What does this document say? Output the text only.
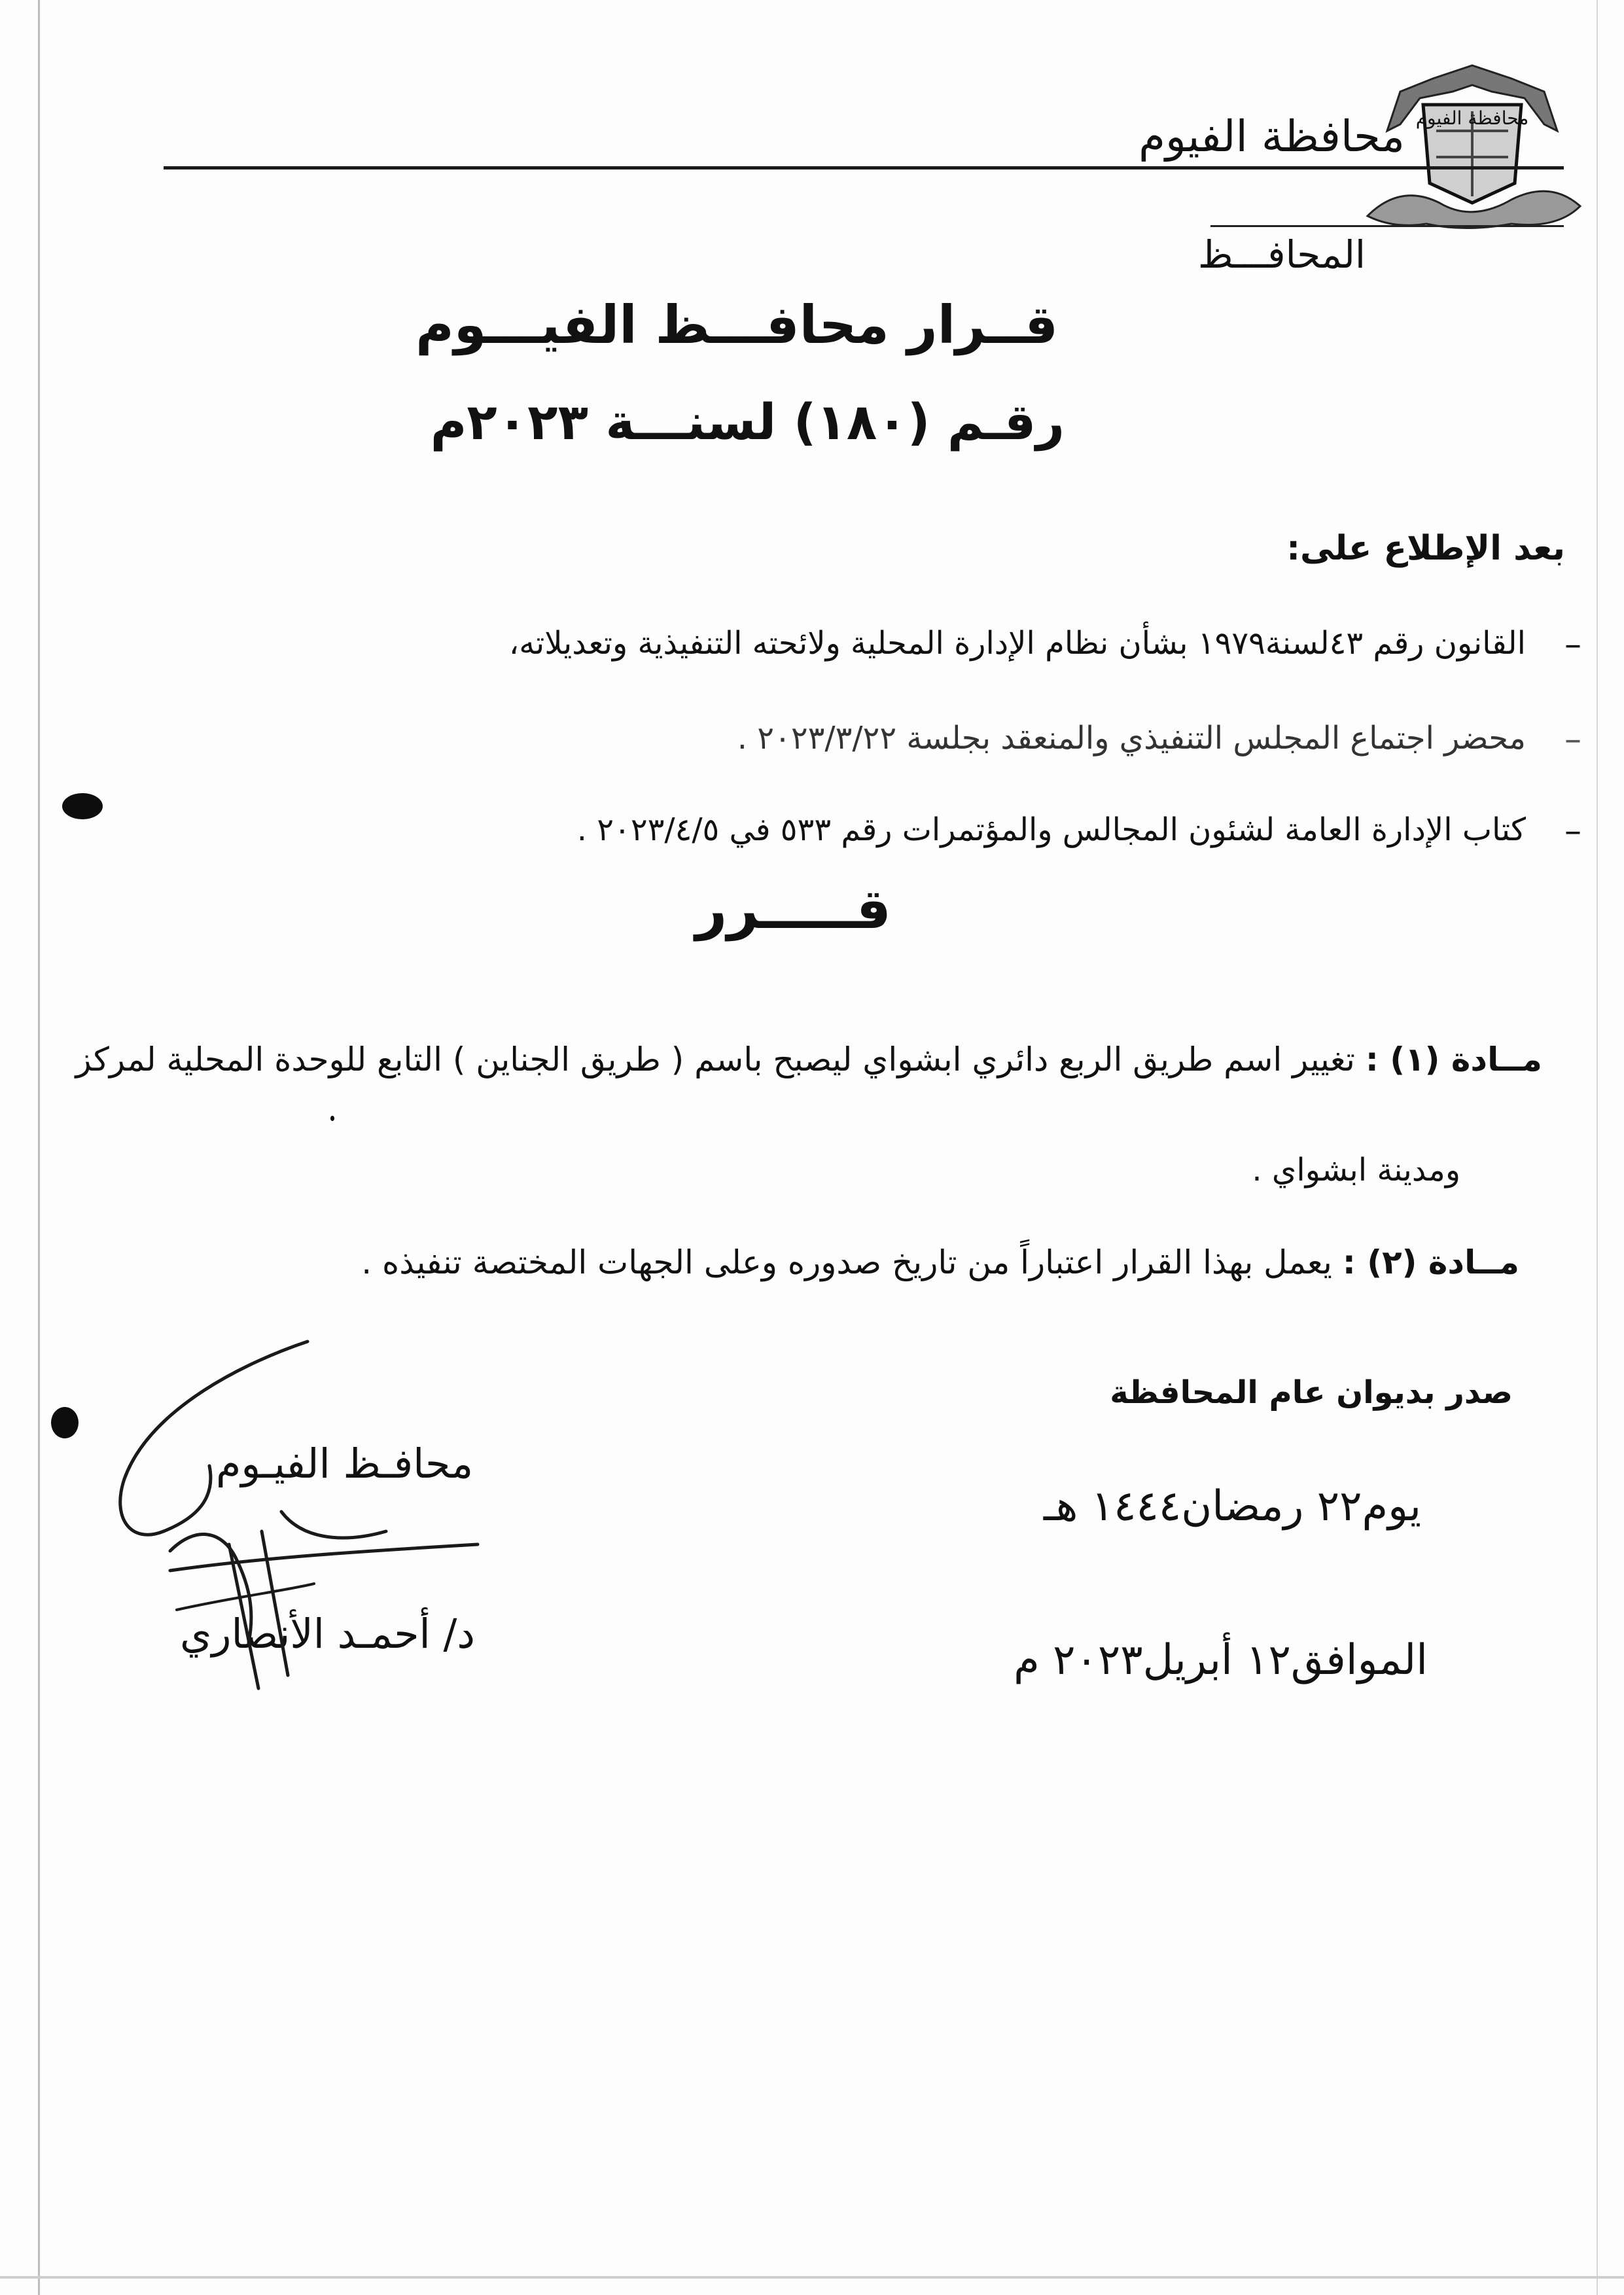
محافظة الفيوم
محافظة الفيوم
المحافـــظ
قــرار محافـــظ الفيـــوم
رقـم (١٨٠) لسنـــة ٢٠٢٣م
بعد الإطلاع على:
–
القانون رقم ٤٣لسنة١٩٧٩ بشأن نظام الإدارة المحلية ولائحته التنفيذية وتعديلاته،
–
محضر اجتماع المجلس التنفيذي والمنعقد بجلسة ٢٠٢٣/٣/٢٢ .
–
كتاب الإدارة العامة لشئون المجالس والمؤتمرات رقم ٥٣٣ في ٢٠٢٣/٤/٥ .
قـــــرر
مــادة (١) : تغيير اسم طريق الربع دائري ابشواي ليصبح باسم ( طريق الجناين ) التابع للوحدة المحلية لمركز
ومدينة ابشواي .
مــادة (٢) : يعمل بهذا القرار اعتباراً من تاريخ صدوره وعلى الجهات المختصة تنفيذه .
صدر بديوان عام المحافظة
يوم٢٢ رمضان١٤٤٤ هـ
الموافق١٢ أبريل٢٠٢٣ م
محافـظ الفيـوم
د/ أحمـد الأنصاري
